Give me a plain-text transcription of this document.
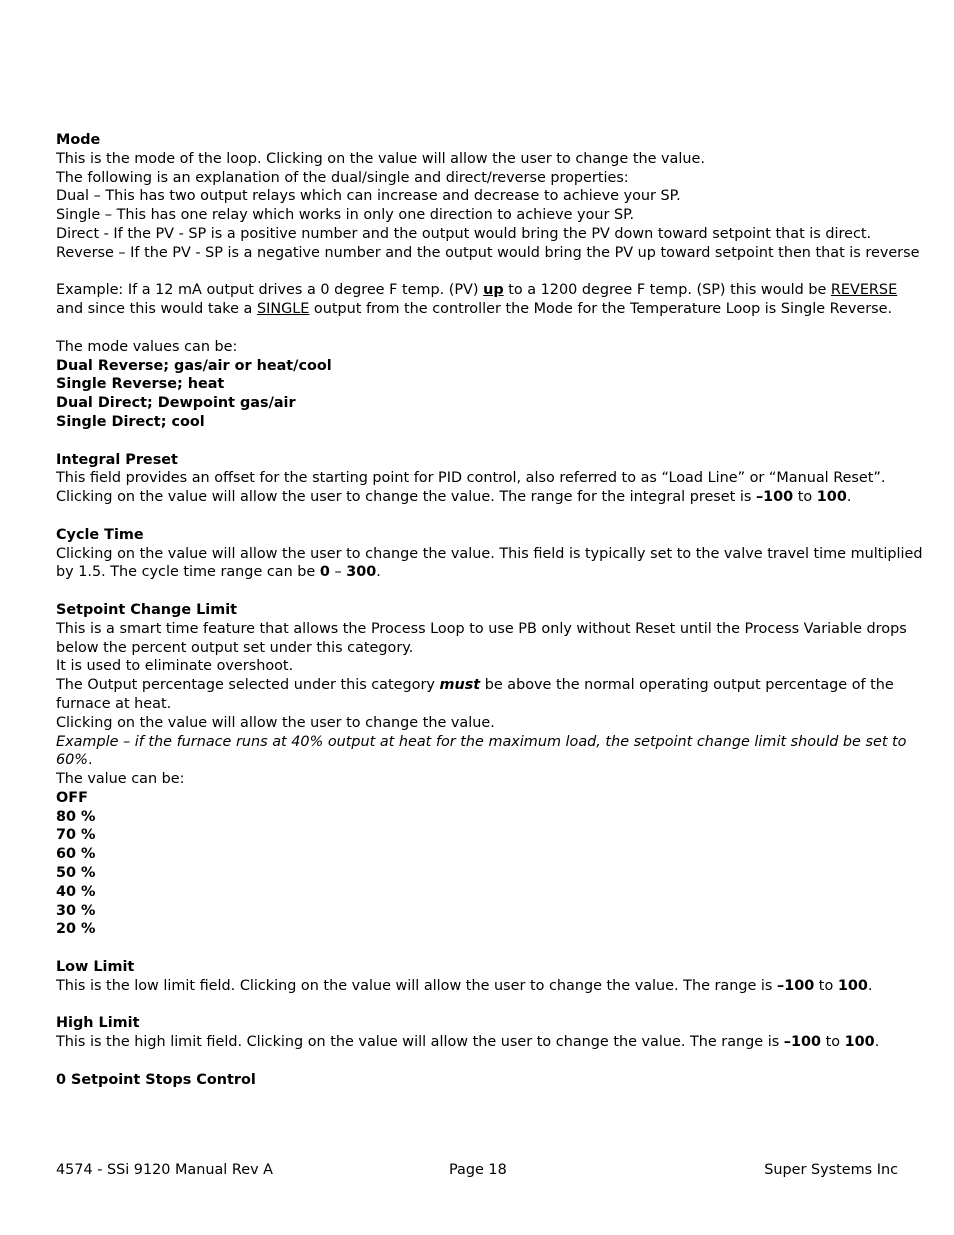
Mode
This is the mode of the loop. Clicking on the value will allow the user to change the value.
The following is an explanation of the dual/single and direct/reverse properties:
Dual – This has two output relays which can increase and decrease to achieve your SP.
Single – This has one relay which works in only one direction to achieve your SP.
Direct - If the PV - SP is a positive number and the output would bring the PV down toward setpoint that is direct.
Reverse – If the PV - SP is a negative number and the output would bring the PV up toward setpoint then that is reverse
Example: If a 12 mA output drives a 0 degree F temp. (PV) up to a 1200 degree F temp. (SP) this would be REVERSE
and since this would take a SINGLE output from the controller the Mode for the Temperature Loop is Single Reverse.
The mode values can be:
Dual Reverse; gas/air or heat/cool
Single Reverse; heat
Dual Direct; Dewpoint gas/air
Single Direct; cool
Integral Preset
This field provides an offset for the starting point for PID control, also referred to as “Load Line” or “Manual Reset”.
Clicking on the value will allow the user to change the value. The range for the integral preset is –100 to 100.
Cycle Time
Clicking on the value will allow the user to change the value. This field is typically set to the valve travel time multiplied
by 1.5. The cycle time range can be 0 – 300.
Setpoint Change Limit
This is a smart time feature that allows the Process Loop to use PB only without Reset until the Process Variable drops
below the percent output set under this category.
It is used to eliminate overshoot.
The Output percentage selected under this category must be above the normal operating output percentage of the
furnace at heat.
Clicking on the value will allow the user to change the value.
Example – if the furnace runs at 40% output at heat for the maximum load, the setpoint change limit should be set to
60%.
The value can be:
OFF
80 %
70 %
60 %
50 %
40 %
30 %
20 %
Low Limit
This is the low limit field. Clicking on the value will allow the user to change the value. The range is –100 to 100.
High Limit
This is the high limit field. Clicking on the value will allow the user to change the value. The range is –100 to 100.
0 Setpoint Stops Control
4574 - SSi 9120 Manual Rev A	Page 18	Super Systems Inc
